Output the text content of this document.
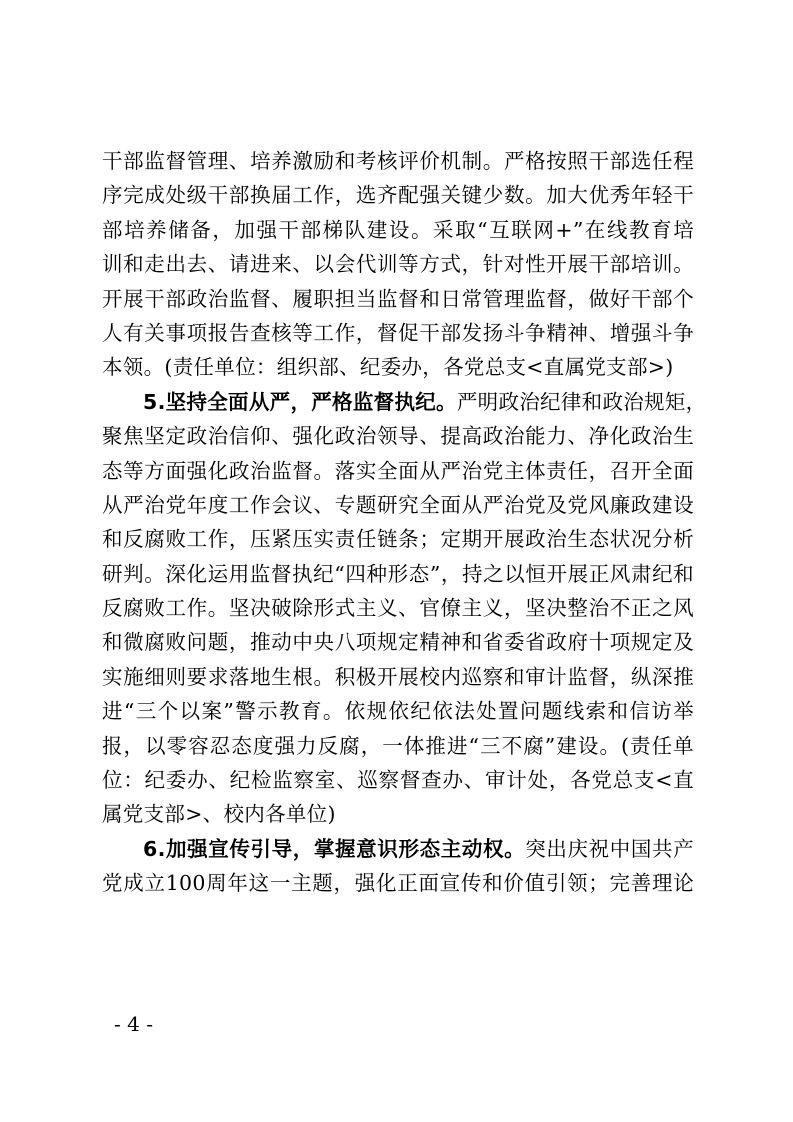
干部监督管理、培养激励和考核评价机制。严格按照干部选任程
序完成处级干部换届工作，选齐配强关键少数。加大优秀年轻干
部培养储备，加强干部梯队建设。采取“互联网+”在线教育培
训和走出去、请进来、以会代训等方式，针对性开展干部培训。
开展干部政治监督、履职担当监督和日常管理监督，做好干部个
人有关事项报告查核等工作，督促干部发扬斗争精神、增强斗争
本领。(责任单位：组织部、纪委办，各党总支<直属党支部>)
5.坚持全面从严，严格监督执纪。严明政治纪律和政治规矩，
聚焦坚定政治信仰、强化政治领导、提高政治能力、净化政治生
态等方面强化政治监督。落实全面从严治党主体责任，召开全面
从严治党年度工作会议、专题研究全面从严治党及党风廉政建设
和反腐败工作，压紧压实责任链条；定期开展政治生态状况分析
研判。深化运用监督执纪“四种形态”，持之以恒开展正风肃纪和
反腐败工作。坚决破除形式主义、官僚主义，坚决整治不正之风
和微腐败问题，推动中央八项规定精神和省委省政府十项规定及
实施细则要求落地生根。积极开展校内巡察和审计监督，纵深推
进“三个以案”警示教育。依规依纪依法处置问题线索和信访举
报，以零容忍态度强力反腐，一体推进“三不腐”建设。(责任单
位：纪委办、纪检监察室、巡察督查办、审计处，各党总支<直
属党支部>、校内各单位)
6.加强宣传引导，掌握意识形态主动权。突出庆祝中国共产
党成立100周年这一主题，强化正面宣传和价值引领；完善理论
- 4 -
